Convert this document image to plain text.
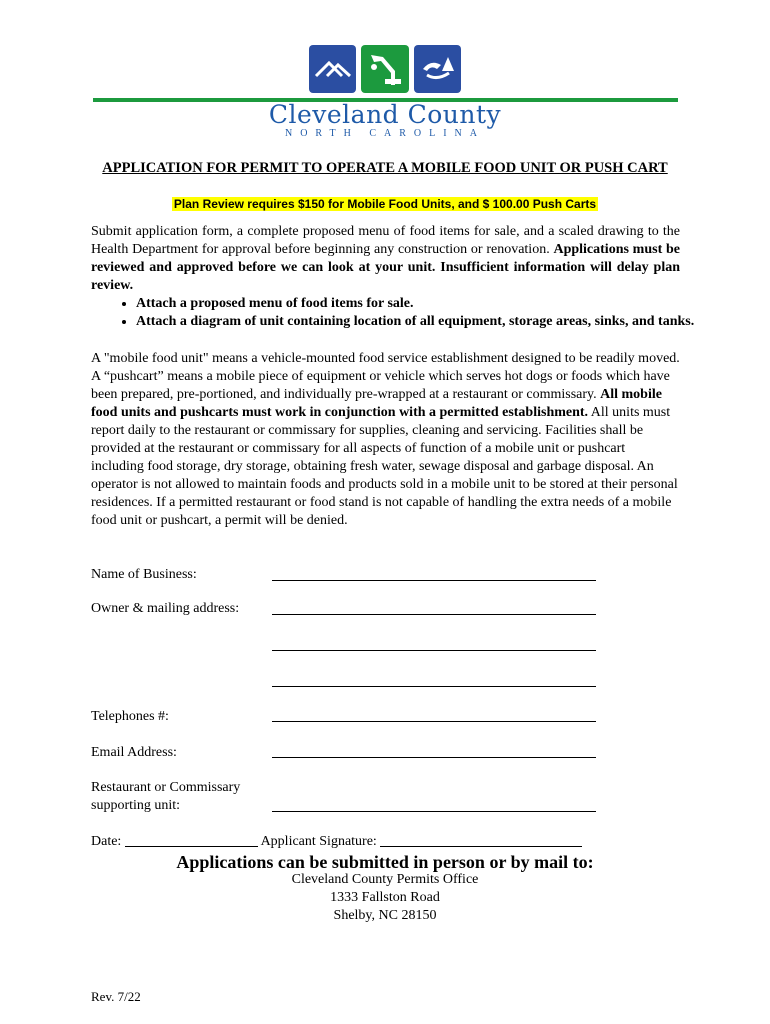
Cleveland County
NORTH CAROLINA
APPLICATION FOR PERMIT TO OPERATE A MOBILE FOOD UNIT OR PUSH CART
Plan Review requires $150 for Mobile Food Units, and $ 100.00 Push Carts
Submit application form, a complete proposed menu of food items for sale, and a scaled drawing to the Health Department for approval before beginning any construction or renovation. Applications must be reviewed and approved before we can look at your unit. Insufficient information will delay plan review.
• Attach a proposed menu of food items for sale.
• Attach a diagram of unit containing location of all equipment, storage areas, sinks, and tanks.
A "mobile food unit" means a vehicle-mounted food service establishment designed to be readily moved. A “pushcart” means a mobile piece of equipment or vehicle which serves hot dogs or foods which have been prepared, pre-portioned, and individually pre-wrapped at a restaurant or commissary. All mobile food units and pushcarts must work in conjunction with a permitted establishment. All units must report daily to the restaurant or commissary for supplies, cleaning and servicing. Facilities shall be provided at the restaurant or commissary for all aspects of function of a mobile unit or pushcart including food storage, dry storage, obtaining fresh water, sewage disposal and garbage disposal. An operator is not allowed to maintain foods and products sold in a mobile unit to be stored at their personal residences. If a permitted restaurant or food stand is not capable of handling the extra needs of a mobile food unit or pushcart, a permit will be denied.
Name of Business:
Owner & mailing address:
Telephones #:
Email Address:
Restaurant or Commissary
supporting unit:
Date:	Applicant Signature:
Applications can be submitted in person or by mail to:
Cleveland County Permits Office
1333 Fallston Road
Shelby, NC 28150
Rev. 7/22
